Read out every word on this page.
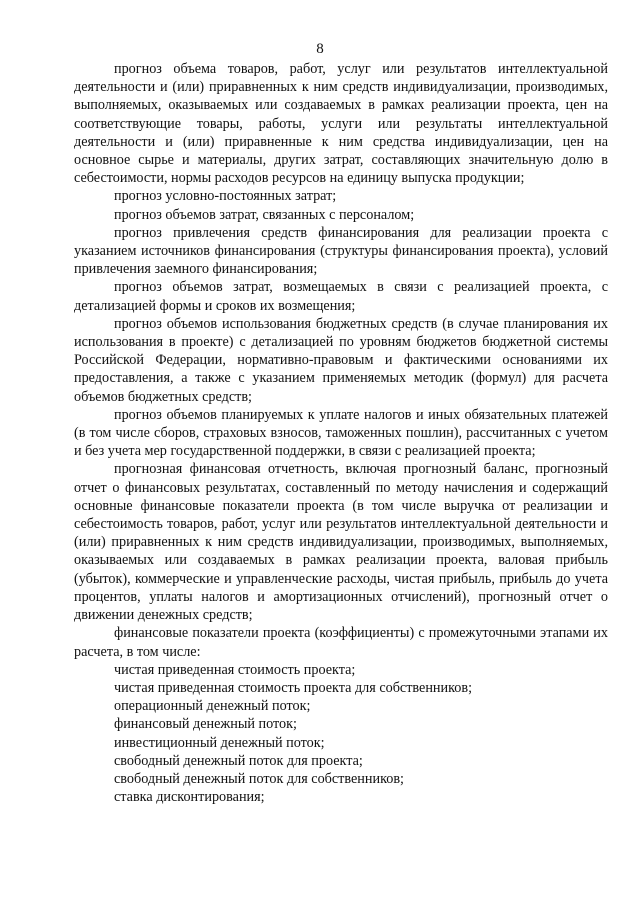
8

прогноз объема товаров, работ, услуг или результатов интеллектуальной деятельности и (или) приравненных к ним средств индивидуализации, производимых, выполняемых, оказываемых или создаваемых в рамках реализации проекта, цен на соответствующие товары, работы, услуги или результаты интеллектуальной деятельности и (или) приравненные к ним средства индивидуализации, цен на основное сырье и материалы, других затрат, составляющих значительную долю в себестоимости, нормы расходов ресурсов на единицу выпуска продукции;

прогноз условно-постоянных затрат;

прогноз объемов затрат, связанных с персоналом;

прогноз привлечения средств финансирования для реализации проекта с указанием источников финансирования (структуры финансирования проекта), условий привлечения заемного финансирования;

прогноз объемов затрат, возмещаемых в связи с реализацией проекта, с детализацией формы и сроков их возмещения;

прогноз объемов использования бюджетных средств (в случае планирования их использования в проекте) с детализацией по уровням бюджетов бюджетной системы Российской Федерации, нормативно-правовым и фактическими основаниями их предоставления, а также с указанием применяемых методик (формул) для расчета объемов бюджетных средств;

прогноз объемов планируемых к уплате налогов и иных обязательных платежей (в том числе сборов, страховых взносов, таможенных пошлин), рассчитанных с учетом и без учета мер государственной поддержки, в связи с реализацией проекта;

прогнозная финансовая отчетность, включая прогнозный баланс, прогнозный отчет о финансовых результатах, составленный по методу начисления и содержащий основные финансовые показатели проекта (в том числе выручка от реализации и себестоимость товаров, работ, услуг или результатов интеллектуальной деятельности и (или) приравненных к ним средств индивидуализации, производимых, выполняемых, оказываемых или создаваемых в рамках реализации проекта, валовая прибыль (убыток), коммерческие и управленческие расходы, чистая прибыль, прибыль до учета процентов, уплаты налогов и амортизационных отчислений), прогнозный отчет о движении денежных средств;

финансовые показатели проекта (коэффициенты) с промежуточными этапами их расчета, в том числе:

чистая приведенная стоимость проекта;

чистая приведенная стоимость проекта для собственников;

операционный денежный поток;

финансовый денежный поток;

инвестиционный денежный поток;

свободный денежный поток для проекта;

свободный денежный поток для собственников;

ставка дисконтирования;
